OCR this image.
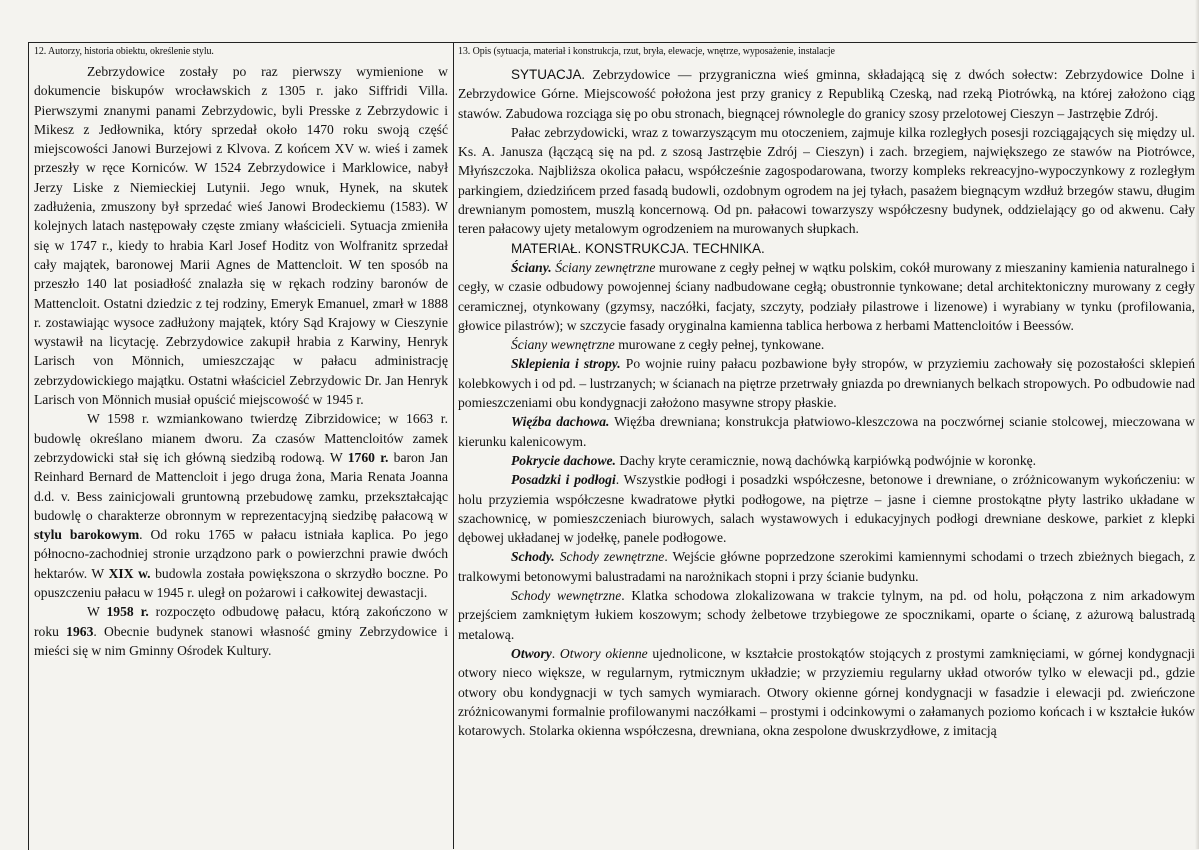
12. Autorzy, historia obiektu, określenie stylu.

Zebrzydowice zostały po raz pierwszy wymienione w dokumencie biskupów wrocławskich z 1305 r. jako Siffridi Villa. Pierwszymi znanymi panami Zebrzydowic, byli Presske z Zebrzydowic i Mikesz z Jedłownika, który sprzedał około 1470 roku swoją część miejscowości Janowi Burzejowi z Klvova. Z końcem XV w. wieś i zamek przeszły w ręce Korniców. W 1524 Zebrzydowice i Marklowice, nabył Jerzy Liske z Niemieckiej Lutynii. Jego wnuk, Hynek, na skutek zadłużenia, zmuszony był sprzedać wieś Janowi Brodeckiemu (1583). W kolejnych latach następowały częste zmiany właścicieli. Sytuacja zmieniła się w 1747 r., kiedy to hrabia Karl Josef Hoditz von Wolfranitz sprzedał cały majątek, baronowej Marii Agnes de Mattencloit. W ten sposób na przeszło 140 lat posiadłość znalazła się w rękach rodziny baronów de Mattencloit. Ostatni dziedzic z tej rodziny, Emeryk Emanuel, zmarł w 1888 r. zostawiając wysoce zadłużony majątek, który Sąd Krajowy w Cieszynie wystawił na licytację. Zebrzydowice zakupił hrabia z Karwiny, Henryk Larisch von Mönnich, umieszczając w pałacu administrację zebrzydowickiego majątku. Ostatni właściciel Zebrzydowic Dr. Jan Henryk Larisch von Mönnich musiał opuścić miejscowość w 1945 r.

W 1598 r. wzmiankowano twierdzę Zibrzidowice; w 1663 r. budowlę określano mianem dworu. Za czasów Mattencloitów zamek zebrzydowicki stał się ich główną siedzibą rodową. W 1760 r. baron Jan Reinhard Bernard de Mattencloit i jego druga żona, Maria Renata Joanna d.d. v. Bess zainicjowali gruntowną przebudowę zamku, przekształcając budowlę o charakterze obronnym w reprezentacyjną siedzibę pałacową w stylu barokowym. Od roku 1765 w pałacu istniała kaplica. Po jego północno-zachodniej stronie urządzono park o powierzchni prawie dwóch hektarów. W XIX w. budowla została powiększona o skrzydło boczne. Po opuszczeniu pałacu w 1945 r. uległ on pożarowi i całkowitej dewastacji.

W 1958 r. rozpoczęto odbudowę pałacu, którą zakończono w roku 1963. Obecnie budynek stanowi własność gminy Zebrzydowice i mieści się w nim Gminny Ośrodek Kultury.

13. Opis (sytuacja, materiał i konstrukcja, rzut, bryła, elewacje, wnętrze, wyposażenie, instalacje

SYTUACJA. Zebrzydowice — przygraniczna wieś gminna, składającą się z dwóch sołectw: Zebrzydowice Dolne i Zebrzydowice Górne. Miejscowość położona jest przy granicy z Republiką Czeską, nad rzeką Piotrówką, na której założono ciąg stawów. Zabudowa rozciąga się po obu stronach, biegnącej równolegle do granicy szosy przelotowej Cieszyn – Jastrzębie Zdrój.

Pałac zebrzydowicki, wraz z towarzyszącym mu otoczeniem, zajmuje kilka rozległych posesji rozciągających się między ul. Ks. A. Janusza (łączącą się na pd. z szosą Jastrzębie Zdrój – Cieszyn) i zach. brzegiem, największego ze stawów na Piotrówce, Młyńszczoka. Najbliższa okolica pałacu, współcześnie zagospodarowana, tworzy kompleks rekreacyjno-wypoczynkowy z rozległym parkingiem, dziedzińcem przed fasadą budowli, ozdobnym ogrodem na jej tyłach, pasażem biegnącym wzdłuż brzegów stawu, długim drewnianym pomostem, muszlą koncernową. Od pn. pałacowi towarzyszy współczesny budynek, oddzielający go od akwenu. Cały teren pałacowy ujety metalowym ogrodzeniem na murowanych słupkach.

MATERIAŁ. KONSTRUKCJA. TECHNIKA.

Ściany. Ściany zewnętrzne murowane z cegły pełnej w wątku polskim, cokół murowany z mieszaniny kamienia naturalnego i cegły, w czasie odbudowy powojennej ściany nadbudowane cegłą; obustronnie tynkowane; detal architektoniczny murowany z cegły ceramicznej, otynkowany (gzymsy, naczółki, facjaty, szczyty, podziały pilastrowe i lizenowe) i wyrabiany w tynku (profilowania, głowice pilastrów); w szczycie fasady oryginalna kamienna tablica herbowa z herbami Mattencloitów i Beessów.

Ściany wewnętrzne murowane z cegły pełnej, tynkowane.

Sklepienia i stropy. Po wojnie ruiny pałacu pozbawione były stropów, w przyziemiu zachowały się pozostałości sklepień kolebkowych i od pd. – lustrzanych; w ścianach na piętrze przetrwały gniazda po drewnianych belkach stropowych. Po odbudowie nad pomieszczeniami obu kondygnacji założono masywne stropy płaskie.

Więźba dachowa. Więźba drewniana; konstrukcja płatwiowo-kleszczowa na poczwórnej scianie stolcowej, mieczowana w kierunku kalenicowym.

Pokrycie dachowe. Dachy kryte ceramicznie, nową dachówką karpiówką podwójnie w koronkę.

Posadzki i podłogi. Wszystkie podłogi i posadzki współczesne, betonowe i drewniane, o zróżnicowanym wykończeniu: w holu przyziemia współczesne kwadratowe płytki podłogowe, na piętrze – jasne i ciemne prostokątne płyty lastriko układane w szachownicę, w pomieszczeniach biurowych, salach wystawowych i edukacyjnych podłogi drewniane deskowe, parkiet z klepki dębowej układanej w jodełkę, panele podłogowe.

Schody. Schody zewnętrzne. Wejście główne poprzedzone szerokimi kamiennymi schodami o trzech zbieżnych biegach, z tralkowymi betonowymi balustradami na narożnikach stopni i przy ścianie budynku.

Schody wewnętrzne. Klatka schodowa zlokalizowana w trakcie tylnym, na pd. od holu, połączona z nim arkadowym przejściem zamkniętym łukiem koszowym; schody żelbetowe trzybiegowe ze spocznikami, oparte o ścianę, z ażurową balustradą metalową.

Otwory. Otwory okienne ujednolicone, w kształcie prostokątów stojących z prostymi zamknięciami, w górnej kondygnacji otwory nieco większe, w regularnym, rytmicznym układzie; w przyziemiu regularny układ otworów tylko w elewacji pd., gdzie otwory obu kondygnacji w tych samych wymiarach. Otwory okienne górnej kondygnacji w fasadzie i elewacji pd. zwieńczone zróżnicowanymi formalnie profilowanymi naczółkami – prostymi i odcinkowymi o załamanych poziomo końcach i w kształcie łuków kotarowych. Stolarka okienna współczesna, drewniana, okna zespolone dwuskrzydłowe, z imitacją
